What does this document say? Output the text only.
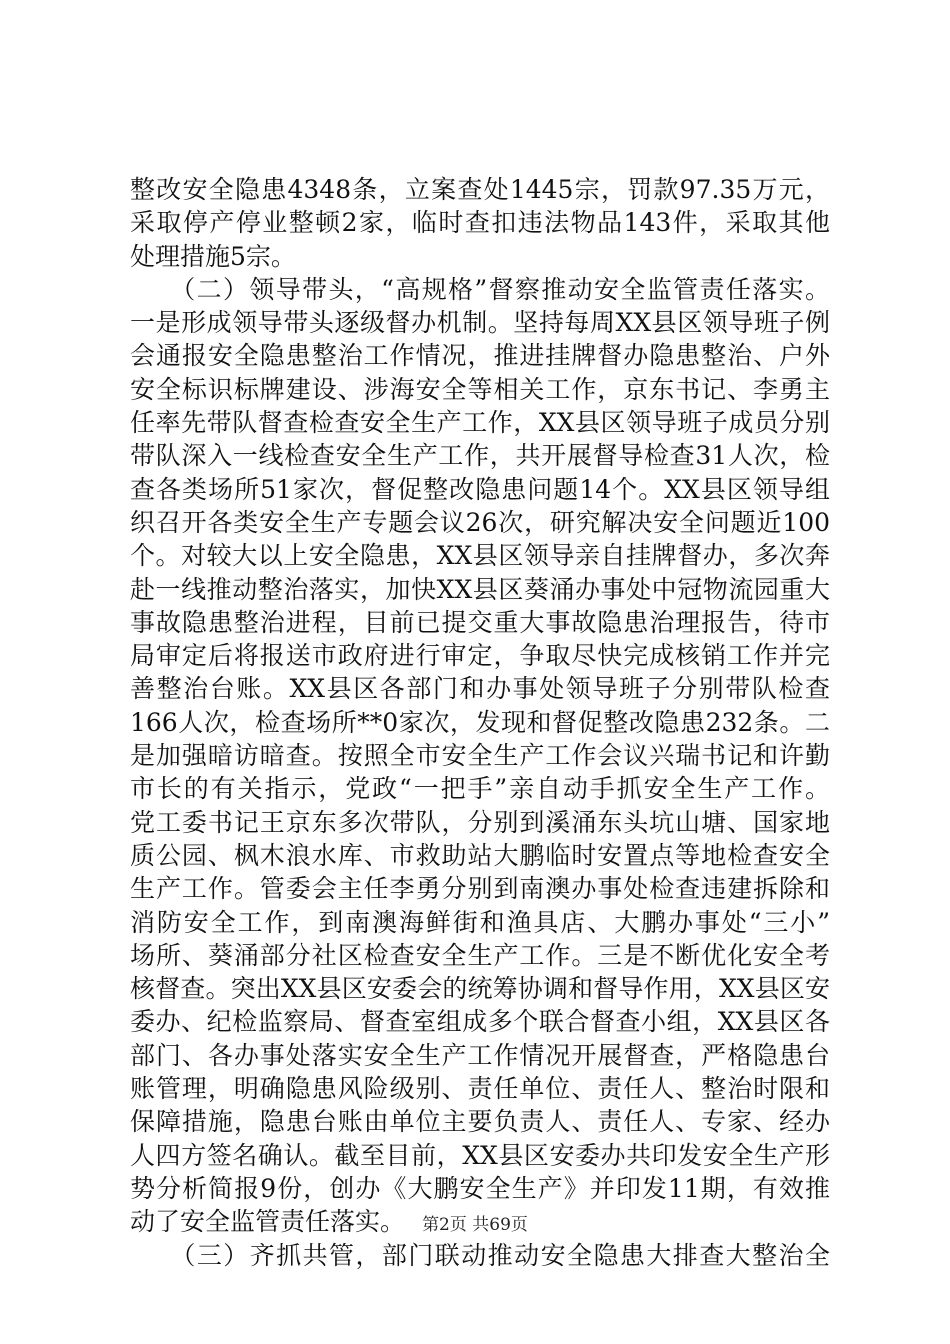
整改安全隐患4348条，立案查处1445宗，罚款97.35万元，
采取停产停业整顿2家，临时查扣违法物品143件，采取其他
处理措施5宗。
　　（二）领导带头，“高规格”督察推动安全监管责任落实。
一是形成领导带头逐级督办机制。坚持每周XX县区领导班子例
会通报安全隐患整治工作情况，推进挂牌督办隐患整治、户外
安全标识标牌建设、涉海安全等相关工作，京东书记、李勇主
任率先带队督查检查安全生产工作，XX县区领导班子成员分别
带队深入一线检查安全生产工作，共开展督导检查31人次，检
查各类场所51家次，督促整改隐患问题14个。XX县区领导组
织召开各类安全生产专题会议26次，研究解决安全问题近100
个。对较大以上安全隐患，XX县区领导亲自挂牌督办，多次奔
赴一线推动整治落实，加快XX县区葵涌办事处中冠物流园重大
事故隐患整治进程，目前已提交重大事故隐患治理报告，待市
局审定后将报送市政府进行审定，争取尽快完成核销工作并完
善整治台账。XX县区各部门和办事处领导班子分别带队检查
166人次，检查场所**0家次，发现和督促整改隐患232条。二
是加强暗访暗查。按照全市安全生产工作会议兴瑞书记和许勤
市长的有关指示，党政“一把手”亲自动手抓安全生产工作。
党工委书记王京东多次带队，分别到溪涌东头坑山塘、国家地
质公园、枫木浪水库、市救助站大鹏临时安置点等地检查安全
生产工作。管委会主任李勇分别到南澳办事处检查违建拆除和
消防安全工作，到南澳海鲜街和渔具店、大鹏办事处“三小”
场所、葵涌部分社区检查安全生产工作。三是不断优化安全考
核督查。突出XX县区安委会的统筹协调和督导作用，XX县区安
委办、纪检监察局、督查室组成多个联合督查小组，XX县区各
部门、各办事处落实安全生产工作情况开展督查，严格隐患台
账管理，明确隐患风险级别、责任单位、责任人、整治时限和
保障措施，隐患台账由单位主要负责人、责任人、专家、经办
人四方签名确认。截至目前，XX县区安委办共印发安全生产形
势分析简报9份，创办《大鹏安全生产》并印发11期，有效推
动了安全监管责任落实。
　　（三）齐抓共管，部门联动推动安全隐患大排查大整治全
第2页 共69页
